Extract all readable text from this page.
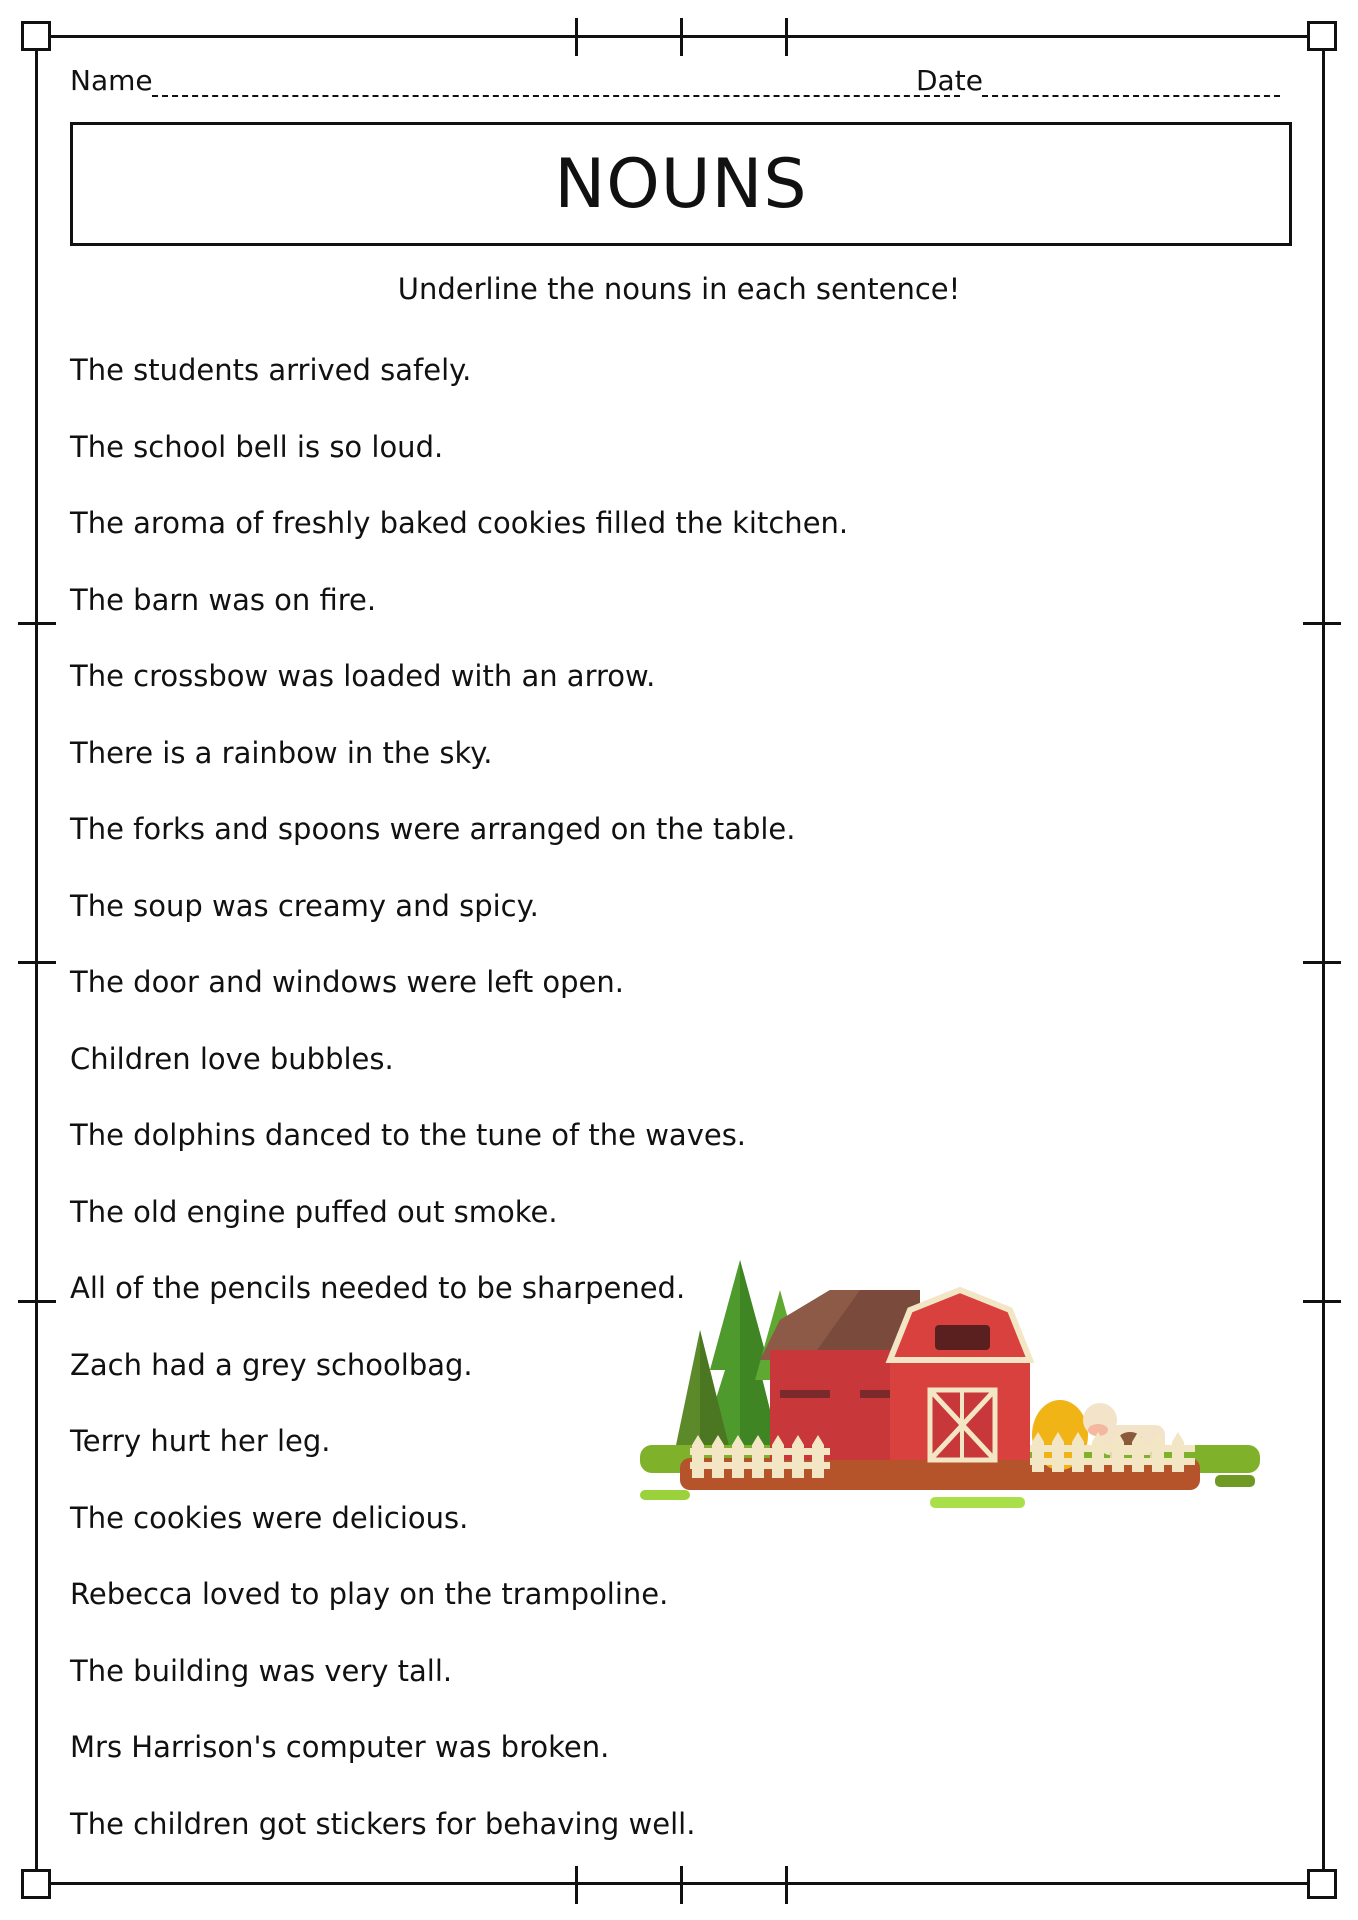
Name	Date
NOUNS
Underline the nouns in each sentence!
The students arrived safely.
The school bell is so loud.
The aroma of freshly baked cookies filled the kitchen.
The barn was on fire.
The crossbow was loaded with an arrow.
There is a rainbow in the sky.
The forks and spoons were arranged on the table.
The soup was creamy and spicy.
The door and windows were left open.
Children love bubbles.
The dolphins danced to the tune of the waves.
The old engine puffed out smoke.
All of the pencils needed to be sharpened.
Zach had a grey schoolbag.
Terry hurt her leg.
The cookies were delicious.
Rebecca loved to play on the trampoline.
The building was very tall.
Mrs Harrison's computer was broken.
The children got stickers for behaving well.
